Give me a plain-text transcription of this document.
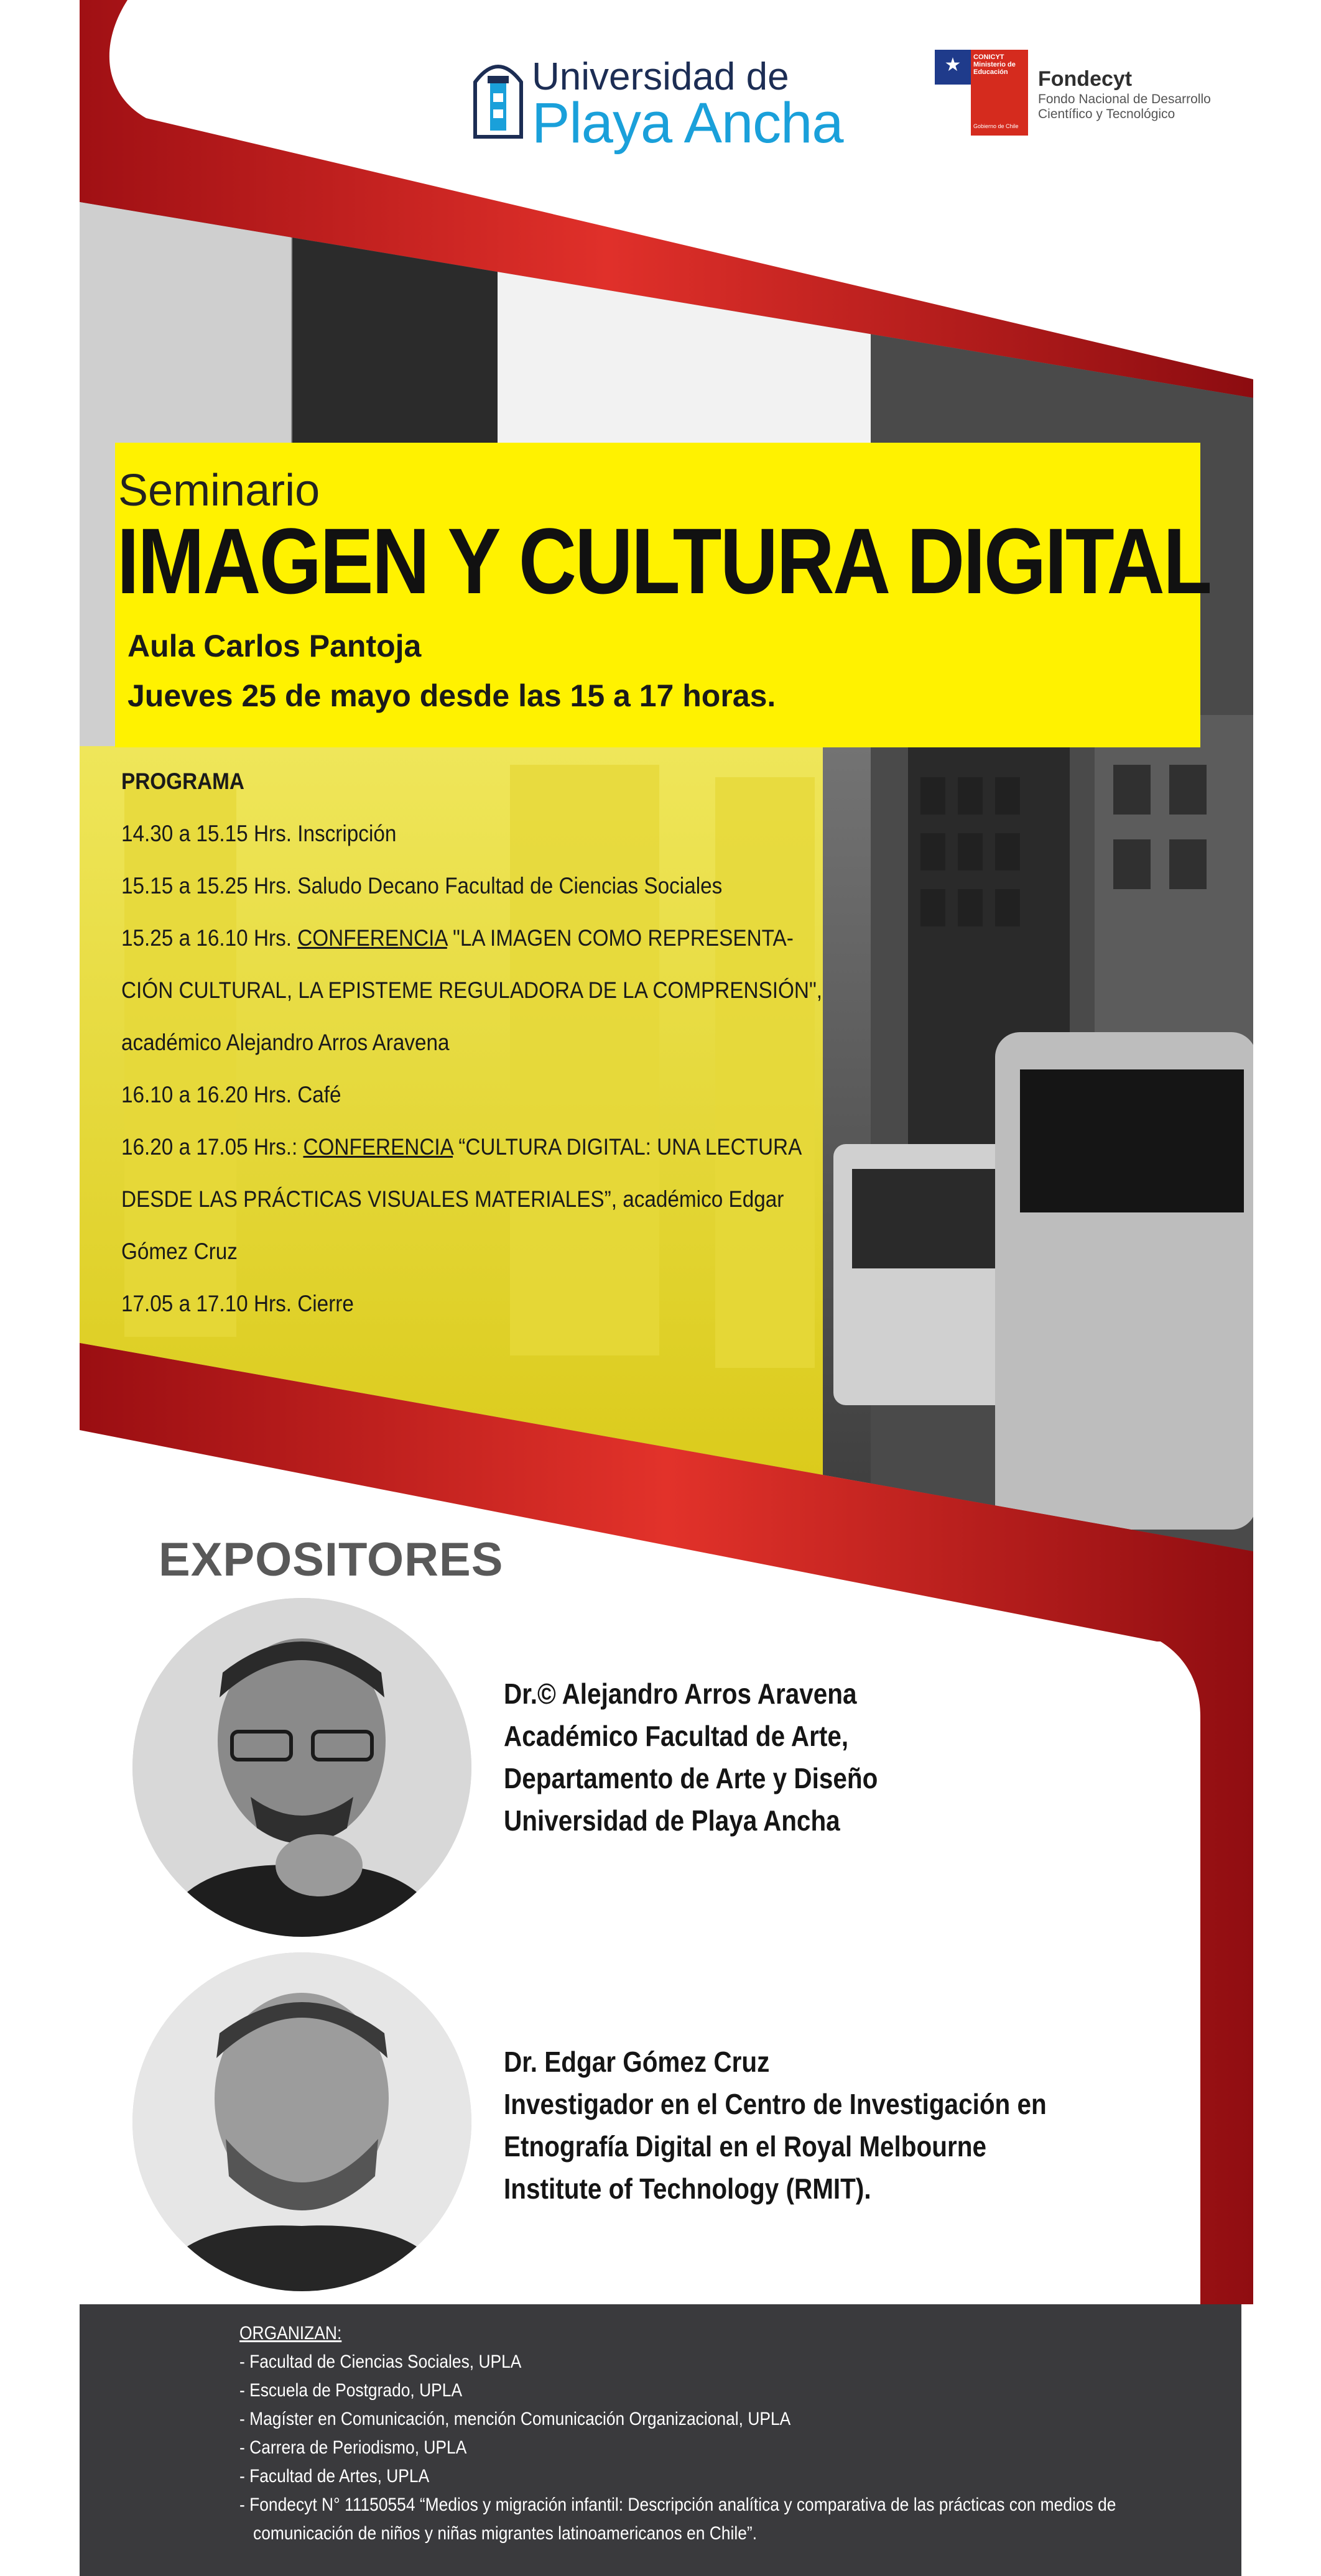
Universidad de
Playa Ancha
★ CONICYT Ministerio de Educación
Gobierno de Chile
Fondecyt
Fondo Nacional de Desarrollo
Científico y Tecnológico
Seminario
IMAGEN Y CULTURA DIGITAL
Aula Carlos Pantoja
Jueves 25 de mayo desde las 15 a 17 horas.
PROGRAMA
14.30 a 15.15 Hrs. Inscripción
15.15 a 15.25 Hrs. Saludo Decano Facultad de Ciencias Sociales
15.25 a 16.10 Hrs. CONFERENCIA "LA IMAGEN COMO REPRESENTA-
CIÓN CULTURAL, LA EPISTEME REGULADORA DE LA COMPRENSIÓN",
académico Alejandro Arros Aravena
16.10 a 16.20 Hrs. Café
16.20 a 17.05 Hrs.: CONFERENCIA “CULTURA DIGITAL: UNA LECTURA
DESDE LAS PRÁCTICAS VISUALES MATERIALES”, académico Edgar
Gómez Cruz
17.05 a 17.10 Hrs. Cierre
EXPOSITORES
Dr.© Alejandro Arros Aravena
Académico Facultad de Arte,
Departamento de Arte y Diseño
Universidad de Playa Ancha
Dr. Edgar Gómez Cruz
Investigador en el Centro de Investigación en
Etnografía Digital en el Royal Melbourne
Institute of Technology (RMIT).
ORGANIZAN:
- Facultad de Ciencias Sociales, UPLA
- Escuela de Postgrado, UPLA
- Magíster en Comunicación, mención Comunicación Organizacional, UPLA
- Carrera de Periodismo, UPLA
- Facultad de Artes, UPLA
- Fondecyt N° 11150554 “Medios y migración infantil: Descripción analítica y comparativa de las prácticas con medios de
comunicación de niños y niñas migrantes latinoamericanos en Chile”.
